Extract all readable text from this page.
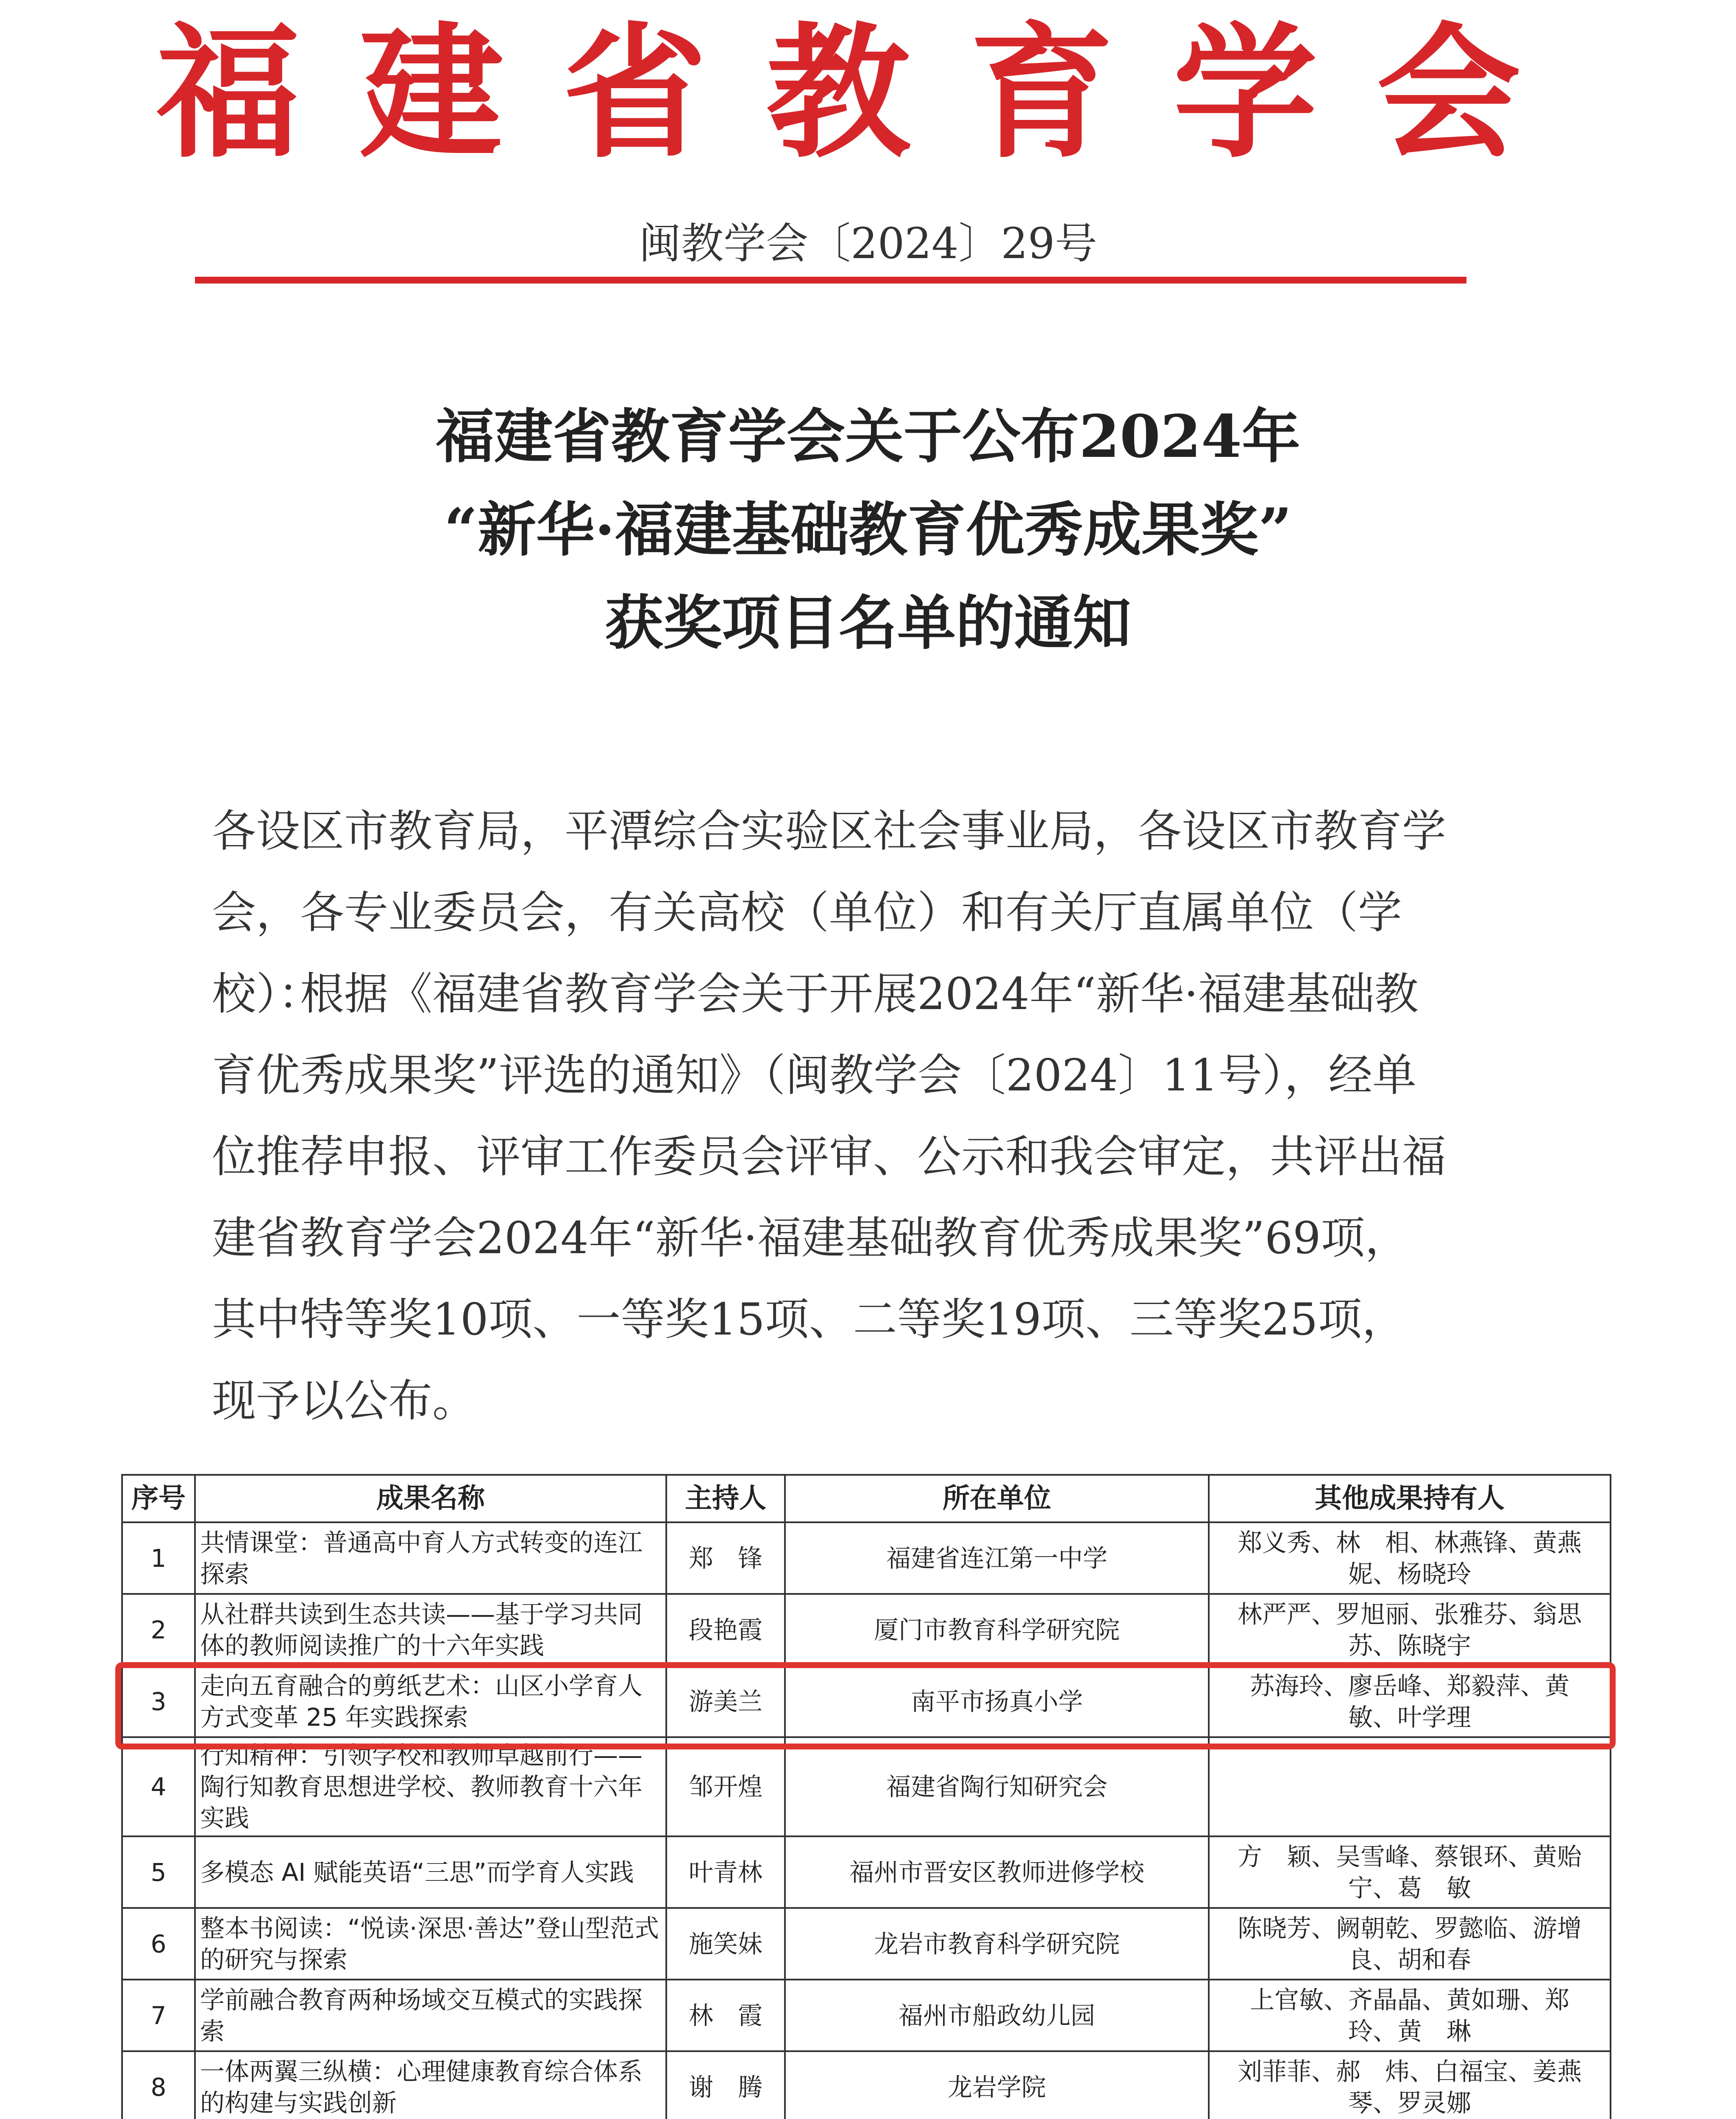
福建省教育学会
闽教学会〔2024〕29号
福建省教育学会关于公布2024年
“新华·福建基础教育优秀成果奖”
获奖项目名单的通知

各设区市教育局，平潭综合实验区社会事业局，各设区市教育学会，各专业委员会，有关高校（单位）和有关厅直属单位（学校）：

根据《福建省教育学会关于开展2024年“新华·福建基础教育优秀成果奖”评选的通知》（闽教学会〔2024〕11号），经单位推荐申报、评审工作委员会评审、公示和我会审定，共评出福建省教育学会2024年“新华·福建基础教育优秀成果奖”69项，其中特等奖10项、一等奖15项、二等奖19项、三等奖25项，现予以公布。

序号	成果名称	主持人	所在单位	其他成果持有人
1	共情课堂：普通高中育人方式转变的连江探索	郑　锋	福建省连江第一中学	郑义秀、林　相、林燕锋、黄燕妮、杨晓玲
2	从社群共读到生态共读——基于学习共同体的教师阅读推广的十六年实践	段艳霞	厦门市教育科学研究院	林严严、罗旭丽、张雅芬、翁思苏、陈晓宇
3	走向五育融合的剪纸艺术：山区小学育人方式变革 25 年实践探索	游美兰	南平市扬真小学	苏海玲、廖岳峰、郑毅萍、黄　敏、叶学理
4	行知精神：引领学校和教师卓越前行——陶行知教育思想进学校、教师教育十六年实践	邹开煌	福建省陶行知研究会	
5	多模态 AI 赋能英语“三思”而学育人实践	叶青林	福州市晋安区教师进修学校	方　颖、吴雪峰、蔡银环、黄贻宁、葛　敏
6	整本书阅读：“悦读·深思·善达”登山型范式的研究与探索	施笑妹	龙岩市教育科学研究院	陈晓芳、阙朝乾、罗懿临、游增良、胡和春
7	学前融合教育两种场域交互模式的实践探索	林　霞	福州市船政幼儿园	上官敏、齐晶晶、黄如珊、郑　玲、黄　琳
8	一体两翼三纵横：心理健康教育综合体系的构建与实践创新	谢　腾	龙岩学院	刘菲菲、郝　炜、白福宝、姜燕琴、罗灵娜
